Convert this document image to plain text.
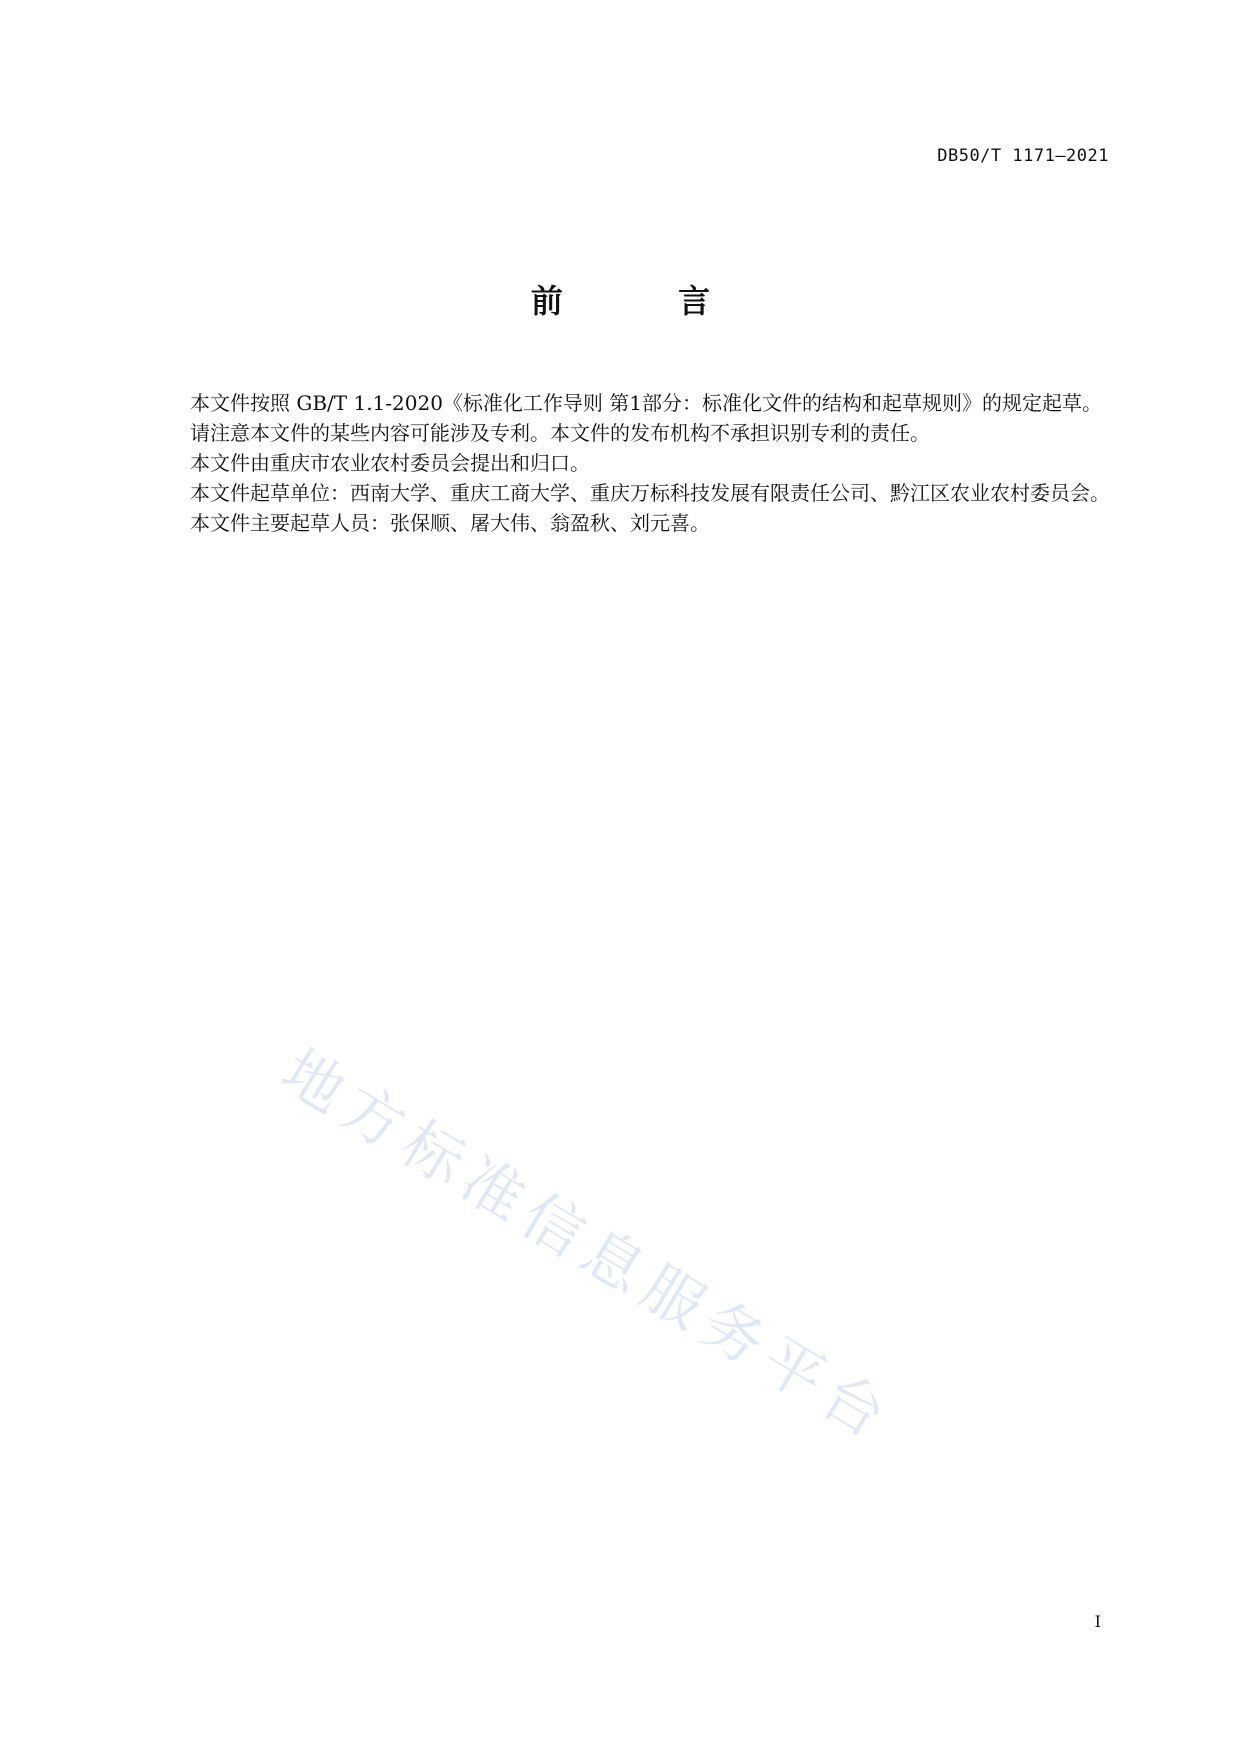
DB50/T 1171—2021
前 言

本文件按照 GB/T 1.1-2020《标准化工作导则 第1部分：标准化文件的结构和起草规则》的规定起草。

请注意本文件的某些内容可能涉及专利。本文件的发布机构不承担识别专利的责任。

本文件由重庆市农业农村委员会提出和归口。

本文件起草单位：西南大学、重庆工商大学、重庆万标科技发展有限责任公司、黔江区农业农村委员会。

本文件主要起草人员：张保顺、屠大伟、翁盈秋、刘元喜。

地方标准信息服务平台
I
